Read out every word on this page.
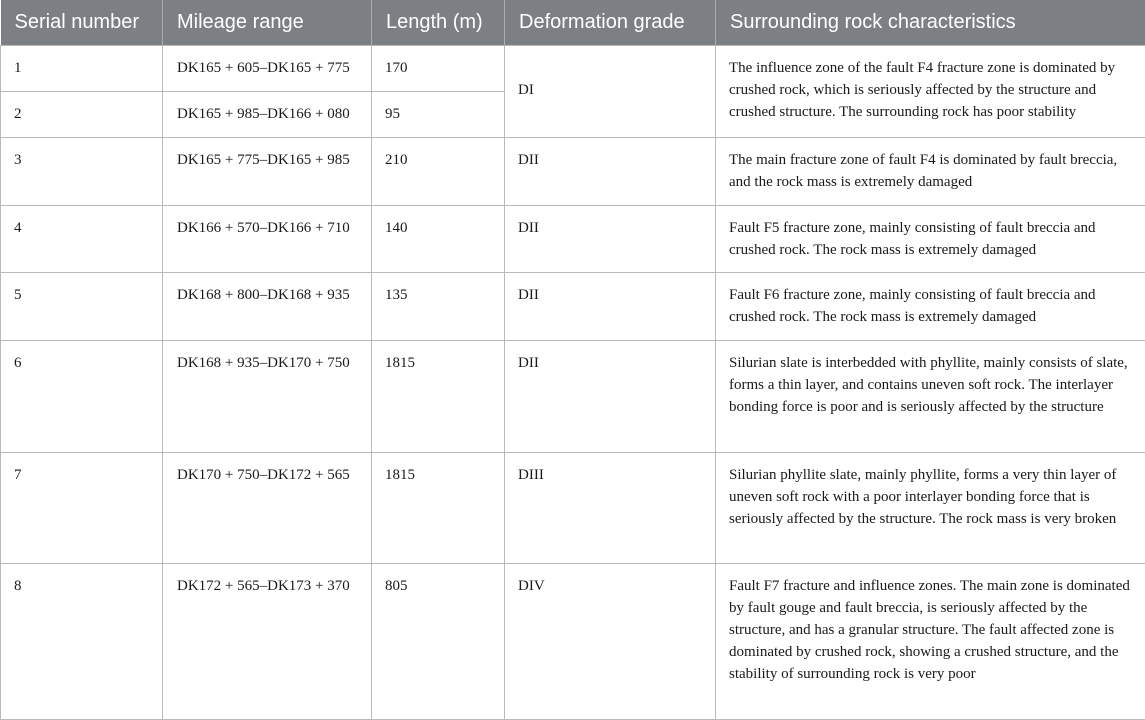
Serial number	Mileage range	Length (m)	Deformation grade	Surrounding rock characteristics
1	DK165 + 605–DK165 + 775	170	DI	The influence zone of the fault F4 fracture zone is dominated by crushed rock, which is seriously affected by the structure and crushed structure. The surrounding rock has poor stability
2	DK165 + 985–DK166 + 080	95		
3	DK165 + 775–DK165 + 985	210	DII	The main fracture zone of fault F4 is dominated by fault breccia, and the rock mass is extremely damaged
4	DK166 + 570–DK166 + 710	140	DII	Fault F5 fracture zone, mainly consisting of fault breccia and crushed rock. The rock mass is extremely damaged
5	DK168 + 800–DK168 + 935	135	DII	Fault F6 fracture zone, mainly consisting of fault breccia and crushed rock. The rock mass is extremely damaged
6	DK168 + 935–DK170 + 750	1815	DII	Silurian slate is interbedded with phyllite, mainly consists of slate, forms a thin layer, and contains uneven soft rock. The interlayer bonding force is poor and is seriously affected by the structure
7	DK170 + 750–DK172 + 565	1815	DIII	Silurian phyllite slate, mainly phyllite, forms a very thin layer of uneven soft rock with a poor interlayer bonding force that is seriously affected by the structure. The rock mass is very broken
8	DK172 + 565–DK173 + 370	805	DIV	Fault F7 fracture and influence zones. The main zone is dominated by fault gouge and fault breccia, is seriously affected by the structure, and has a granular structure. The fault affected zone is dominated by crushed rock, showing a crushed structure, and the stability of surrounding rock is very poor
